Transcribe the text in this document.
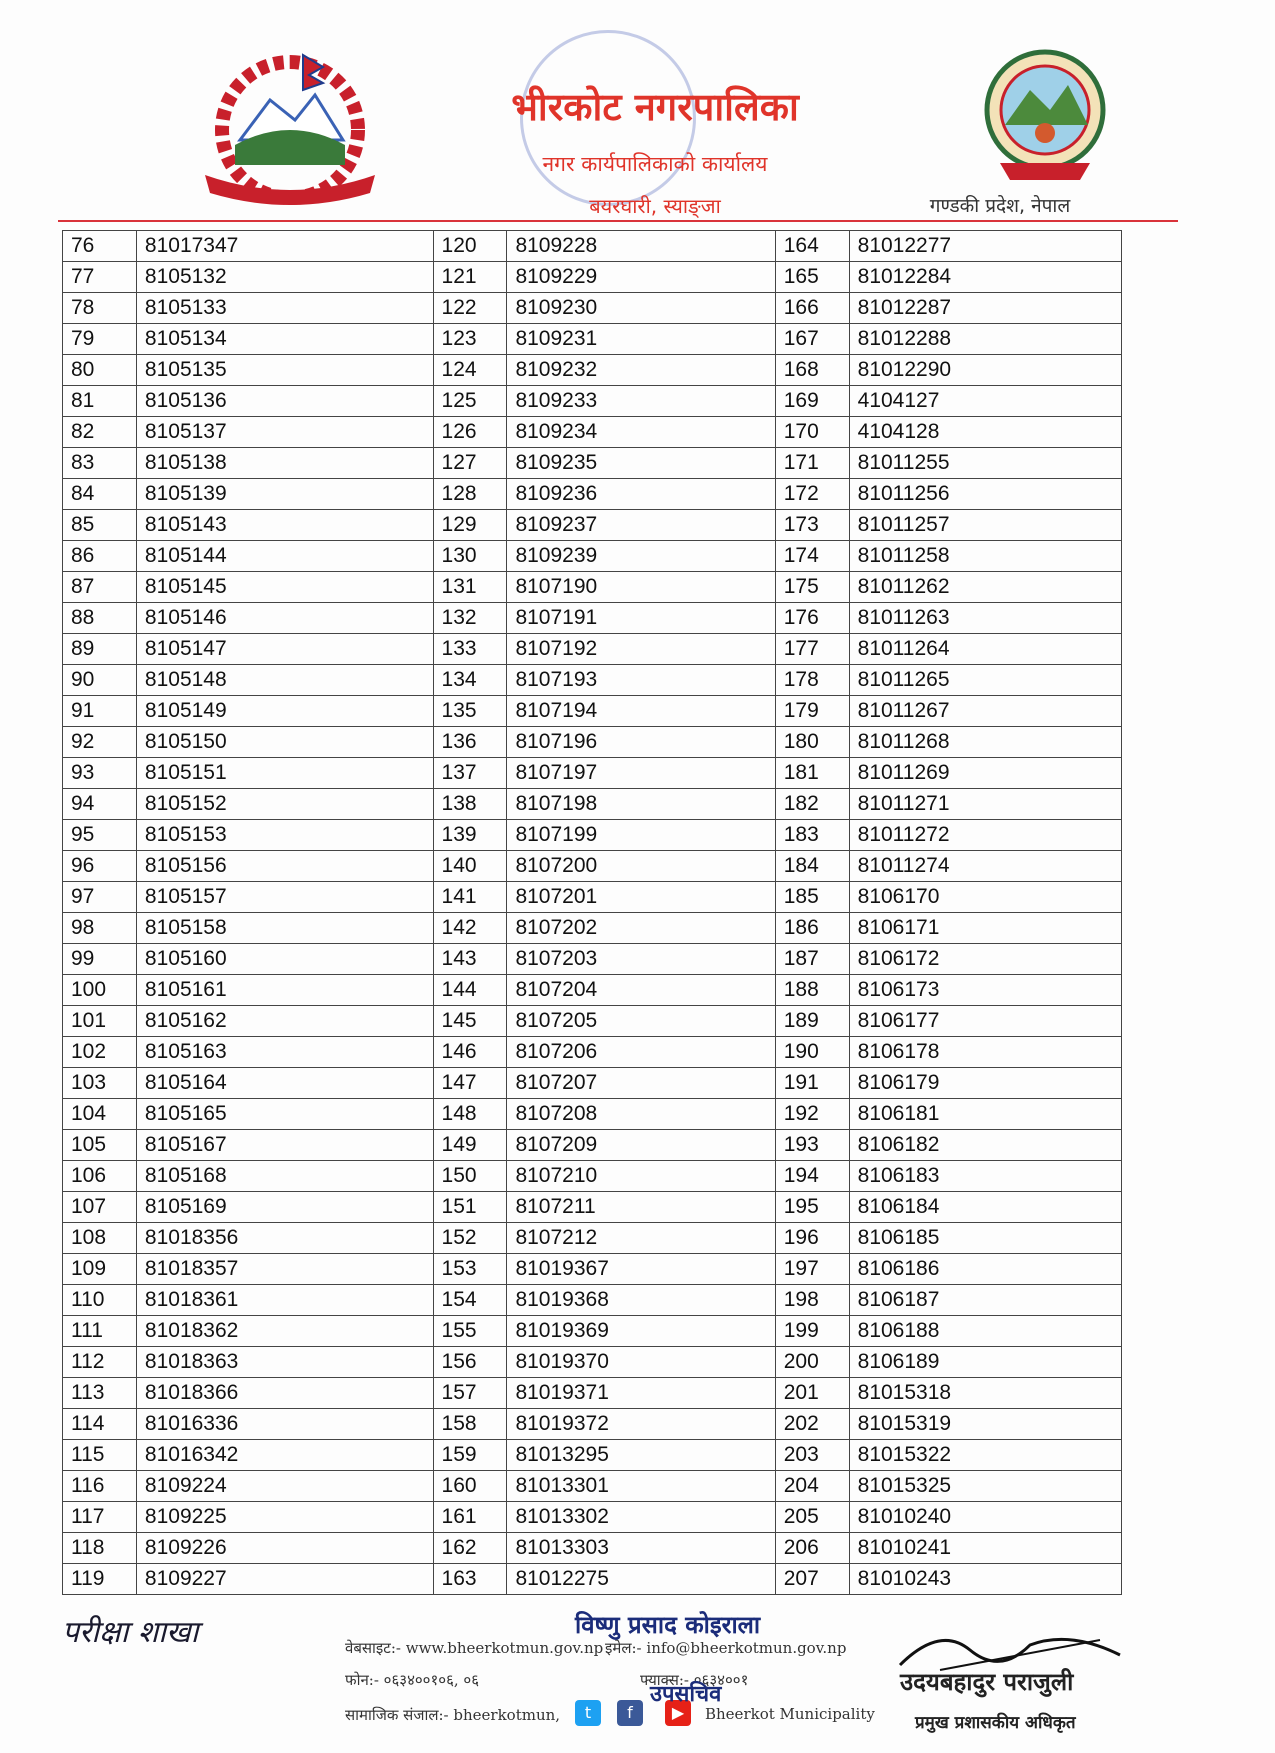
भीरकोट नगरपालिका
नगर कार्यपालिकाको कार्यालय
बयरघारी, स्याङ्जा	गण्डकी प्रदेश, नेपाल
76	81017347	120	8109228	164	81012277
77	8105132	121	8109229	165	81012284
78	8105133	122	8109230	166	81012287
79	8105134	123	8109231	167	81012288
80	8105135	124	8109232	168	81012290
81	8105136	125	8109233	169	4104127
82	8105137	126	8109234	170	4104128
83	8105138	127	8109235	171	81011255
84	8105139	128	8109236	172	81011256
85	8105143	129	8109237	173	81011257
86	8105144	130	8109239	174	81011258
87	8105145	131	8107190	175	81011262
88	8105146	132	8107191	176	81011263
89	8105147	133	8107192	177	81011264
90	8105148	134	8107193	178	81011265
91	8105149	135	8107194	179	81011267
92	8105150	136	8107196	180	81011268
93	8105151	137	8107197	181	81011269
94	8105152	138	8107198	182	81011271
95	8105153	139	8107199	183	81011272
96	8105156	140	8107200	184	81011274
97	8105157	141	8107201	185	8106170
98	8105158	142	8107202	186	8106171
99	8105160	143	8107203	187	8106172
100	8105161	144	8107204	188	8106173
101	8105162	145	8107205	189	8106177
102	8105163	146	8107206	190	8106178
103	8105164	147	8107207	191	8106179
104	8105165	148	8107208	192	8106181
105	8105167	149	8107209	193	8106182
106	8105168	150	8107210	194	8106183
107	8105169	151	8107211	195	8106184
108	81018356	152	8107212	196	8106185
109	81018357	153	81019367	197	8106186
110	81018361	154	81019368	198	8106187
111	81018362	155	81019369	199	8106188
112	81018363	156	81019370	200	8106189
113	81018366	157	81019371	201	81015318
114	81016336	158	81019372	202	81015319
115	81016342	159	81013295	203	81015322
116	8109224	160	81013301	204	81015325
117	8109225	161	81013302	205	81010240
118	8109226	162	81013303	206	81010241
119	8109227	163	81012275	207	81010243
परीक्षा शाखा	वेबसाइट:- www.bheerkotmun.gov.np इमेल:- info@bheerkotmun.gov.np
फोन:- ०६३४००१०६, ०६	फ्याक्स:- ०६३४००१
सामाजिक संजाल:- bheerkotmun,	t	f	▶	Bheerkot Municipality
विष्णु प्रसाद कोइराला
उपसचिव	उदयबहादुर पराजुली
प्रमुख प्रशासकीय अधिकृत
